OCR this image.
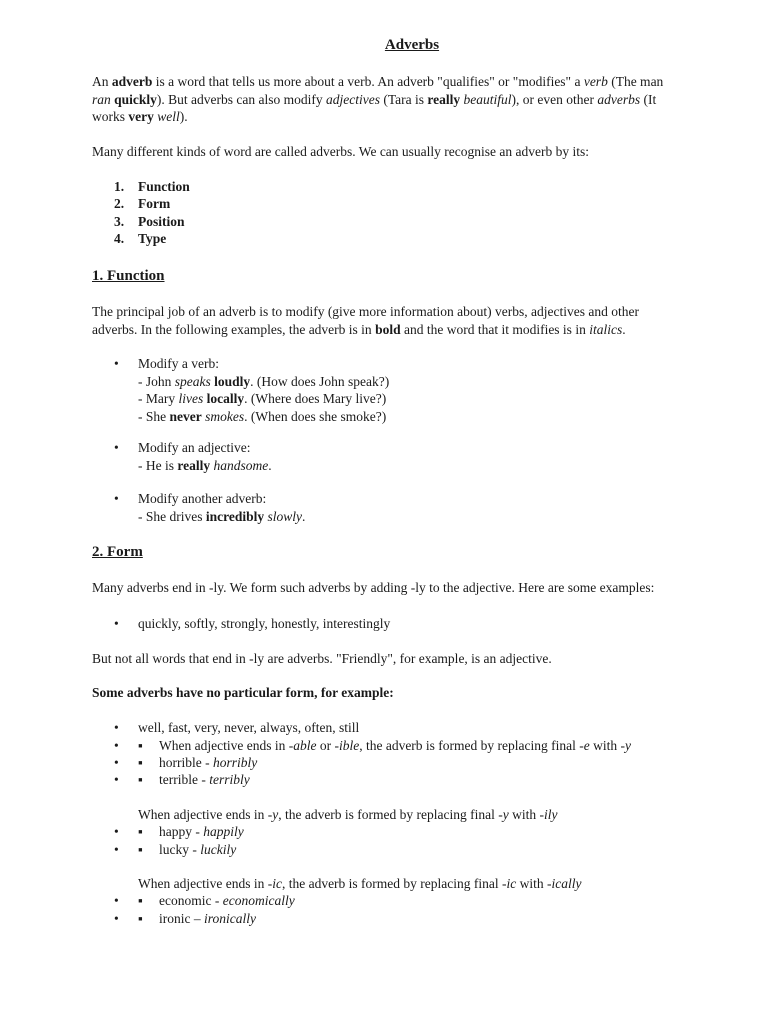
Adverbs

An adverb is a word that tells us more about a verb. An adverb "qualifies" or "modifies" a verb (The man
ran quickly). But adverbs can also modify adjectives (Tara is really beautiful), or even other adverbs (It
works very well).

Many different kinds of word are called adverbs. We can usually recognise an adverb by its:

1. Function
2. Form
3. Position
4. Type
1. Function

The principal job of an adverb is to modify (give more information about) verbs, adjectives and other
adverbs. In the following examples, the adverb is in bold and the word that it modifies is in italics.

•	Modify a verb:
- John speaks loudly. (How does John speak?)
- Mary lives locally. (Where does Mary live?)
- She never smokes. (When does she smoke?)
•	Modify an adjective:
- He is really handsome.
•	Modify another adverb:
- She drives incredibly slowly.
2. Form

Many adverbs end in -ly. We form such adverbs by adding -ly to the adjective. Here are some examples:

•	quickly, softly, strongly, honestly, interestingly

But not all words that end in -ly are adverbs. "Friendly", for example, is an adjective.

Some adverbs have no particular form, for example:

•	well, fast, very, never, always, often, still
•	▪ When adjective ends in -able or -ible, the adverb is formed by replacing final -e with -y
•	▪ horrible - horribly
•	▪ terrible - terribly
When adjective ends in -y, the adverb is formed by replacing final -y with -ily
•	▪ happy - happily
•	▪ lucky - luckily
When adjective ends in -ic, the adverb is formed by replacing final -ic with -ically
•	▪ economic - economically
•	▪ ironic – ironically
